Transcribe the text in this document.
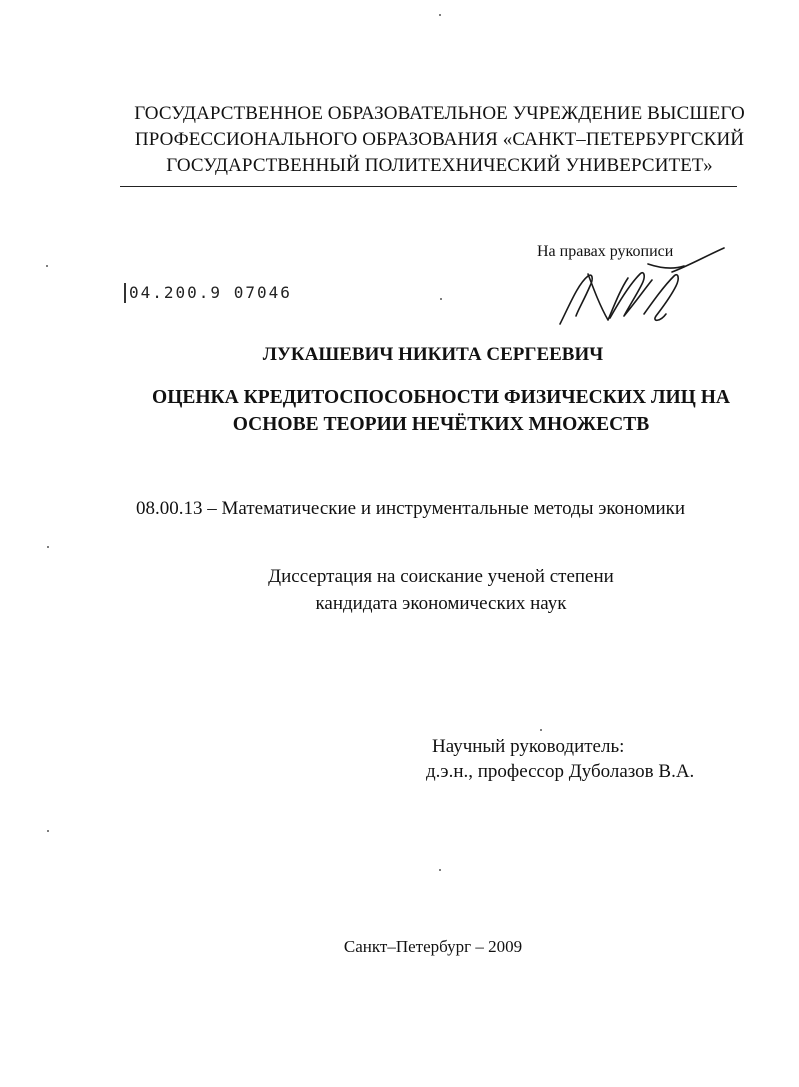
ГОСУДАРСТВЕННОЕ ОБРАЗОВАТЕЛЬНОЕ УЧРЕЖДЕНИЕ ВЫСШЕГО
ПРОФЕССИОНАЛЬНОГО ОБРАЗОВАНИЯ «САНКТ–ПЕТЕРБУРГСКИЙ
ГОСУДАРСТВЕННЫЙ ПОЛИТЕХНИЧЕСКИЙ УНИВЕРСИТЕТ»
На правах рукописи
04.200.9 07046
ЛУКАШЕВИЧ НИКИТА СЕРГЕЕВИЧ
ОЦЕНКА КРЕДИТОСПОСОБНОСТИ ФИЗИЧЕСКИХ ЛИЦ НА
ОСНОВЕ ТЕОРИИ НЕЧЁТКИХ МНОЖЕСТВ
08.00.13 – Математические и инструментальные методы экономики
Диссертация на соискание ученой степени
кандидата экономических наук
Научный руководитель:
д.э.н., профессор Дуболазов В.А.
Санкт–Петербург – 2009
